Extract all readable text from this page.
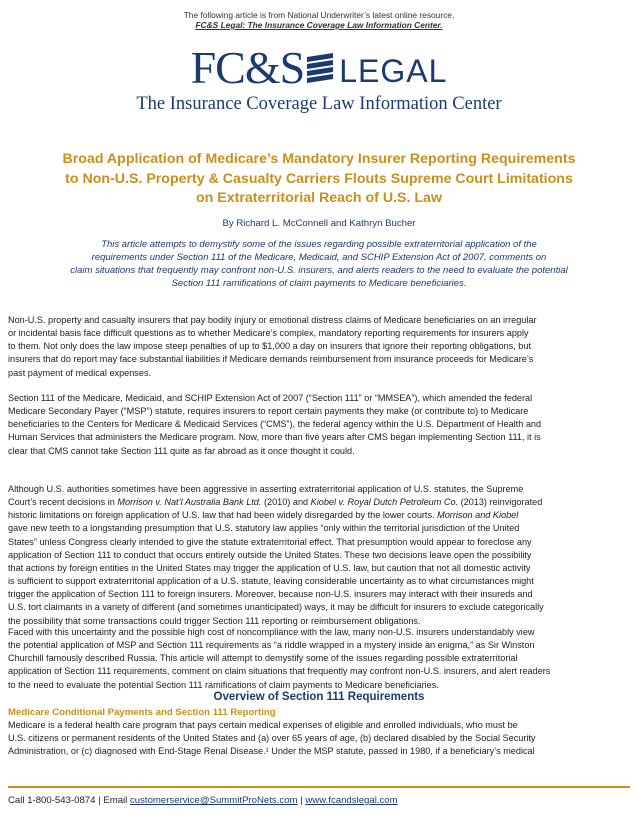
The following article is from National Underwriter’s latest online resource,
FC&S Legal: The Insurance Coverage Law Information Center.
FC&S LEGAL
The Insurance Coverage Law Information Center
Broad Application of Medicare’s Mandatory Insurer Reporting Requirements
to Non-U.S. Property & Casualty Carriers Flouts Supreme Court Limitations
on Extraterritorial Reach of U.S. Law
By Richard L. McConnell and Kathryn Bucher
This article attempts to demystify some of the issues regarding possible extraterritorial application of the
requirements under Section 111 of the Medicare, Medicaid, and SCHIP Extension Act of 2007, comments on
claim situations that frequently may confront non-U.S. insurers, and alerts readers to the need to evaluate the potential
Section 111 ramifications of claim payments to Medicare beneficiaries.
Non-U.S. property and casualty insurers that pay bodily injury or emotional distress claims of Medicare beneficiaries on an irregular
or incidental basis face difficult questions as to whether Medicare’s complex, mandatory reporting requirements for insurers apply
to them. Not only does the law impose steep penalties of up to $1,000 a day on insurers that ignore their reporting obligations, but
insurers that do report may face substantial liabilities if Medicare demands reimbursement from insurance proceeds for Medicare’s
past payment of medical expenses.
Section 111 of the Medicare, Medicaid, and SCHIP Extension Act of 2007 (“Section 111” or “MMSEA”), which amended the federal
Medicare Secondary Payer (“MSP”) statute, requires insurers to report certain payments they make (or contribute to) to Medicare
beneficiaries to the Centers for Medicare & Medicaid Services (“CMS”), the federal agency within the U.S. Department of Health and
Human Services that administers the Medicare program. Now, more than five years after CMS began implementing Section 111, it is
clear that CMS cannot take Section 111 quite as far abroad as it once thought it could.
Although U.S. authorities sometimes have been aggressive in asserting extraterritorial application of U.S. statutes, the Supreme
Court’s recent decisions in Morrison v. Nat’l Australia Bank Ltd. (2010) and Kiobel v. Royal Dutch Petroleum Co. (2013) reinvigorated
historic limitations on foreign application of U.S. law that had been widely disregarded by the lower courts. Morrison and Kiobel
gave new teeth to a longstanding presumption that U.S. statutory law applies “only within the territorial jurisdiction of the United
States” unless Congress clearly intended to give the statute extraterritorial effect. That presumption would appear to foreclose any
application of Section 111 to conduct that occurs entirely outside the United States. These two decisions leave open the possibility
that actions by foreign entities in the United States may trigger the application of U.S. law, but caution that not all domestic activity
is sufficient to support extraterritorial application of a U.S. statute, leaving considerable uncertainty as to what circumstances might
trigger the application of Section 111 to foreign insurers. Moreover, because non-U.S. insurers may interact with their insureds and
U.S. tort claimants in a variety of different (and sometimes unanticipated) ways, it may be difficult for insurers to exclude categorically
the possibility that some transactions could trigger Section 111 reporting or reimbursement obligations.
Faced with this uncertainty and the possible high cost of noncompliance with the law, many non-U.S. insurers understandably view
the potential application of MSP and Section 111 requirements as “a riddle wrapped in a mystery inside an enigma,” as Sir Winston
Churchill famously described Russia. This article will attempt to demystify some of the issues regarding possible extraterritorial
application of Section 111 requirements, comment on claim situations that frequently may confront non-U.S. insurers, and alert readers
to the need to evaluate the potential Section 111 ramifications of claim payments to Medicare beneficiaries.
Overview of Section 111 Requirements
Medicare Conditional Payments and Section 111 Reporting
Medicare is a federal health care program that pays certain medical expenses of eligible and enrolled individuals, who must be
U.S. citizens or permanent residents of the United States and (a) over 65 years of age, (b) declared disabled by the Social Security
Administration, or (c) diagnosed with End-Stage Renal Disease.¹ Under the MSP statute, passed in 1980, if a beneficiary’s medical
Call 1-800-543-0874 | Email customerservice@SummitProNets.com | www.fcandslegal.com
